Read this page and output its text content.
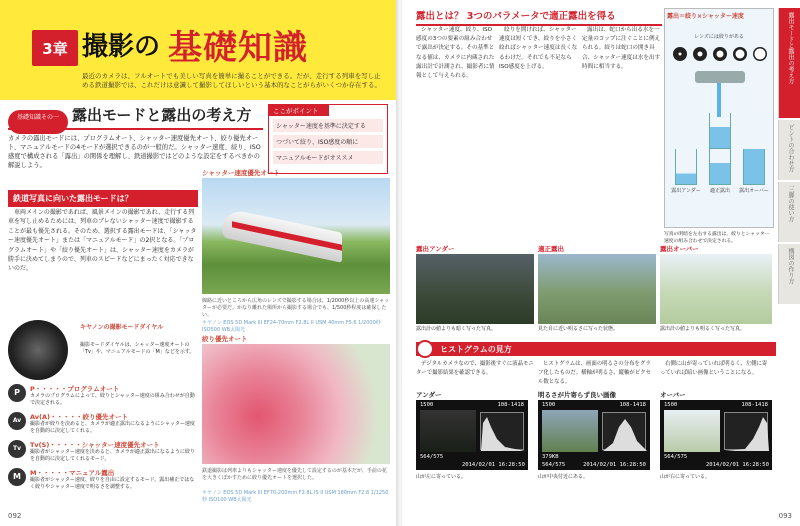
3章 撮影の 基礎知識
最近のカメラは、フルオートでも美しい写真を簡単に撮ることができる。だが、走行する列車を写し止める鉄道撮影では、これだけは意識して撮影してほしいという基本的なことがらがいくつか存在する。
基礎知識その一 露出モードと露出の考え方	ここがポイント
シャッター速度を基準に決定する
つづいて絞り、ISO感度の順に
マニュアルモードがオススメ
カメラの露出モードには、プログラムオート、シャッター速度優先オート、絞り優先オート、マニュアルモードの4モードが選択できるのが一般的だ。シャッター速度、絞り、ISO感度で構成される「露出」の関係を理解し、鉄道撮影ではどのような設定をするべきかの解説しよう。
鉄道写真に向いた露出モードは？
車両メインの撮影であれば、風景メインの撮影であれ、走行する列車を写し止めるためには、列車のブレないシャッター速度で撮影することが最も優先される。そのため、選択する露出モードは、「シャッター速度優先オート」または「マニュアルモード」の2択となる。「プログラムオート」や「絞り優先オート」は、シャッター速度をカメラが勝手に決めてしまうので、列車のスピードなどにまったく対応できないのだ。
シャッター速度優先オート
線路に近いところから広角のレンズで撮影する場合は、1/2000秒以上の高速シャッターが必要だ。かなり離れた場所から撮影する場合でも、1/500秒程度は確保したい。
キヤノン EOS 5D Mark III EF24-70mm F2.8L II USM 40mm F5.6 1/2000秒 ISO500 WB太陽光
キヤノンの撮影モードダイヤル
撮影モードダイヤルは、シャッター速度オートの「Tv」や、マニュアルモードの「M」などを示す。
絞り優先オート
鉄道撮影は列車よりもシャッター速度を優先して設定するのが基本だが、手前の花を大きくぼかすために絞り優先オートを選択した。
キヤノン EOS 5D Mark III EF70-200mm F2.8L IS II USM 180mm F2.8 1/1250秒 ISO100 WB太陽光
P	P・・・・・プログラムオート
カメラのプログラムによって、絞りとシャッター速度の組み合わせが自動で決定される。
Av	Av(A)・・・・・絞り優先オート
撮影者が絞りを決めると、カメラが適正露出になるようにシャッター速度を自動的に決定してくれる。
Tv	Tv(S)・・・・・シャッター速度優先オート
撮影者がシャッター速度を決めると、カメラが適正露出になるように絞りを自動的に決定してくれるモード。
M	M・・・・・マニュアル露出
撮影者がシャッター速度、絞りを自由に設定するモード。露出補正ではなく絞りやシャッター速度で明るさを調整する。
092
露出とは？ 3つのパラメータで適正露出を得る
シャッター速度、絞り、ISO感度の3つの要素の組み合わせで露出が決定する。その基準となる値は、カメラに内蔵された露出計で計測され、撮影者に情報として与えられる。
絞りを開ければ、シャッター速度は短くでき、絞りを小さく絞ればシャッター速度は長くなるわけだ。それでも不足ならISO感度を上げる。
露出は、蛇口から出る水を一定量のコップに注ぐことに例えられる。絞りは蛇口の開き具合、シャッター速度は水を出す時間に相当する。
露出＝絞り×シャッター速度
レンズには絞りがある
露出アンダー	適正露出	露出オーバー
写真の明暗を左右する露出は、絞りとシャッター速度の組み合わせで決定される。
露出モードと露出の考え方
ピントの合わせ方
三脚の使い方
構図の作り方
露出アンダー
露出計の値よりも暗く写った写真。
適正露出
見た目に近い明るさに写った状態。
露出オーバー
露出計の値よりも明るく写った写真。
ヒストグラムの見方
デジタルカメラなので、撮影後すぐに液晶モニターで撮影結果を確認できる。
ヒストグラムは、画面の明るさの分布をグラフ化したものだ。横軸が明るさ、縦軸がピクセル数となる。
右側に山が寄っていれば明るく、左側に寄っていれば暗い画像ということになる。
アンダー
1500	108-1418
564/575
2014/02/01 16:28:50
山が左に寄っている。
明るさが片寄らず良い画像
1500	108-1418
379KB
564/575	2014/02/01 16:28:50
山が中央付近にある。
オーバー
1500	108-1418
564/575
2014/02/01 16:28:50
山が右に寄っている。
093
